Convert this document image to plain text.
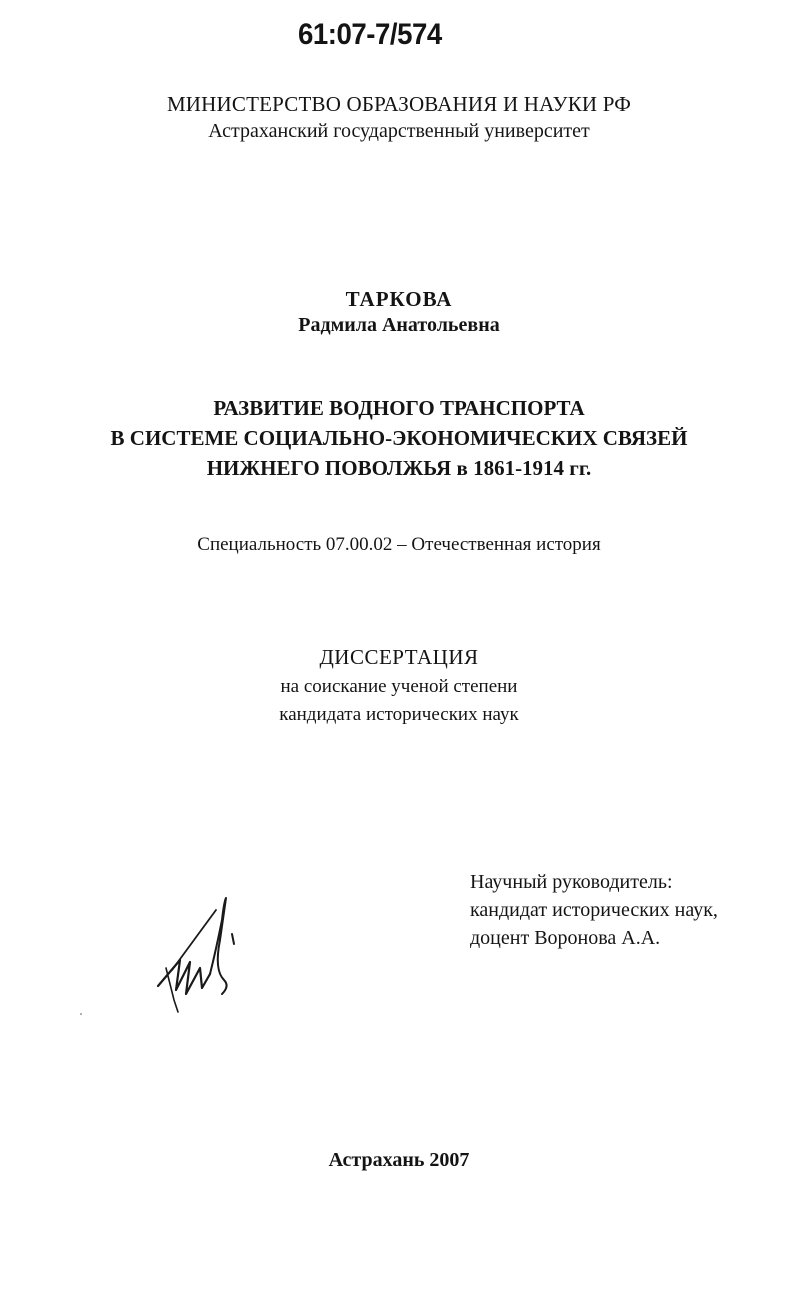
61:07-7/574
МИНИСТЕРСТВО ОБРАЗОВАНИЯ И НАУКИ РФ
Астраханский государственный университет
ТАРКОВА
Радмила Анатольевна
РАЗВИТИЕ ВОДНОГО ТРАНСПОРТА
В СИСТЕМЕ СОЦИАЛЬНО-ЭКОНОМИЧЕСКИХ СВЯЗЕЙ
НИЖНЕГО ПОВОЛЖЬЯ в 1861-1914 гг.
Специальность 07.00.02 – Отечественная история
ДИССЕРТАЦИЯ
на соискание ученой степени
кандидата исторических наук
Научный руководитель:
кандидат исторических наук,
доцент Воронова А.А.
Астрахань 2007
